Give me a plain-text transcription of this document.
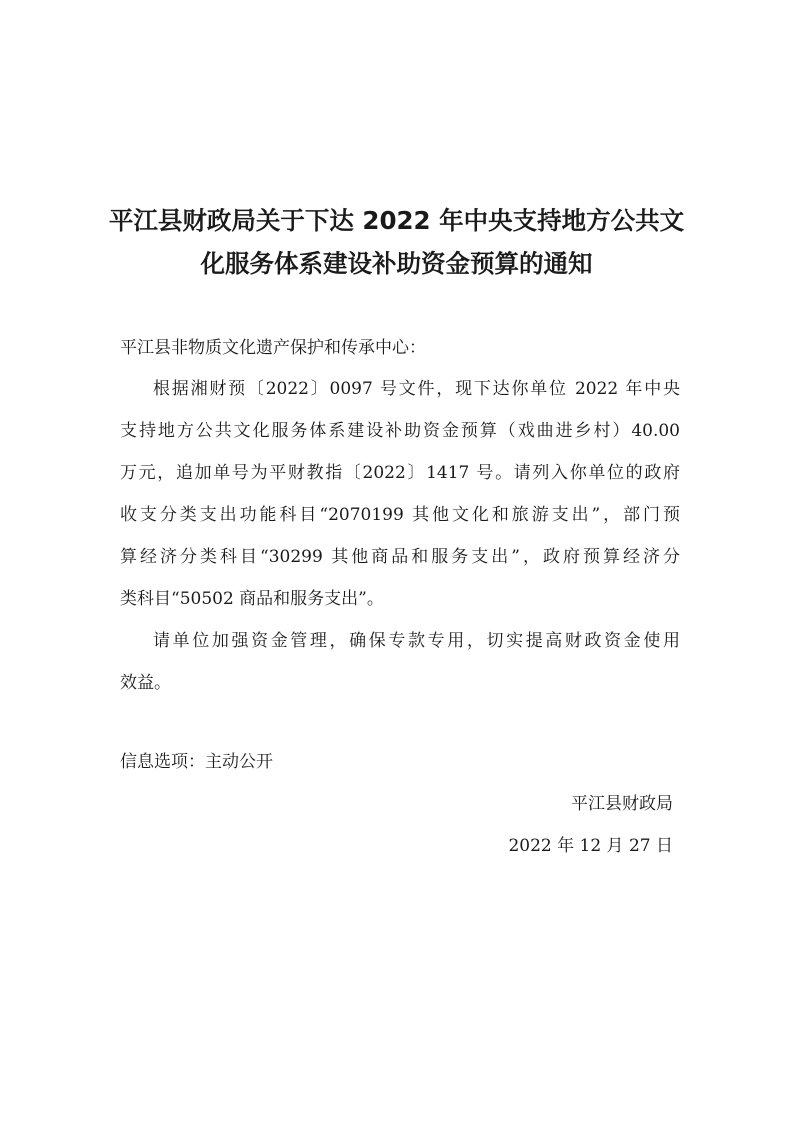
平江县财政局关于下达 2022 年中央支持地方公共文
化服务体系建设补助资金预算的通知
平江县非物质文化遗产保护和传承中心：
根据湘财预〔2022〕0097 号文件，现下达你单位 2022 年中央
支持地方公共文化服务体系建设补助资金预算（戏曲进乡村）40.00
万元，追加单号为平财教指〔2022〕1417 号。请列入你单位的政府
收支分类支出功能科目“2070199 其他文化和旅游支出”，部门预
算经济分类科目“30299 其他商品和服务支出”，政府预算经济分
类科目“50502 商品和服务支出”。
请单位加强资金管理，确保专款专用，切实提高财政资金使用
效益。
信息选项：主动公开
平江县财政局
2022 年 12 月 27 日
